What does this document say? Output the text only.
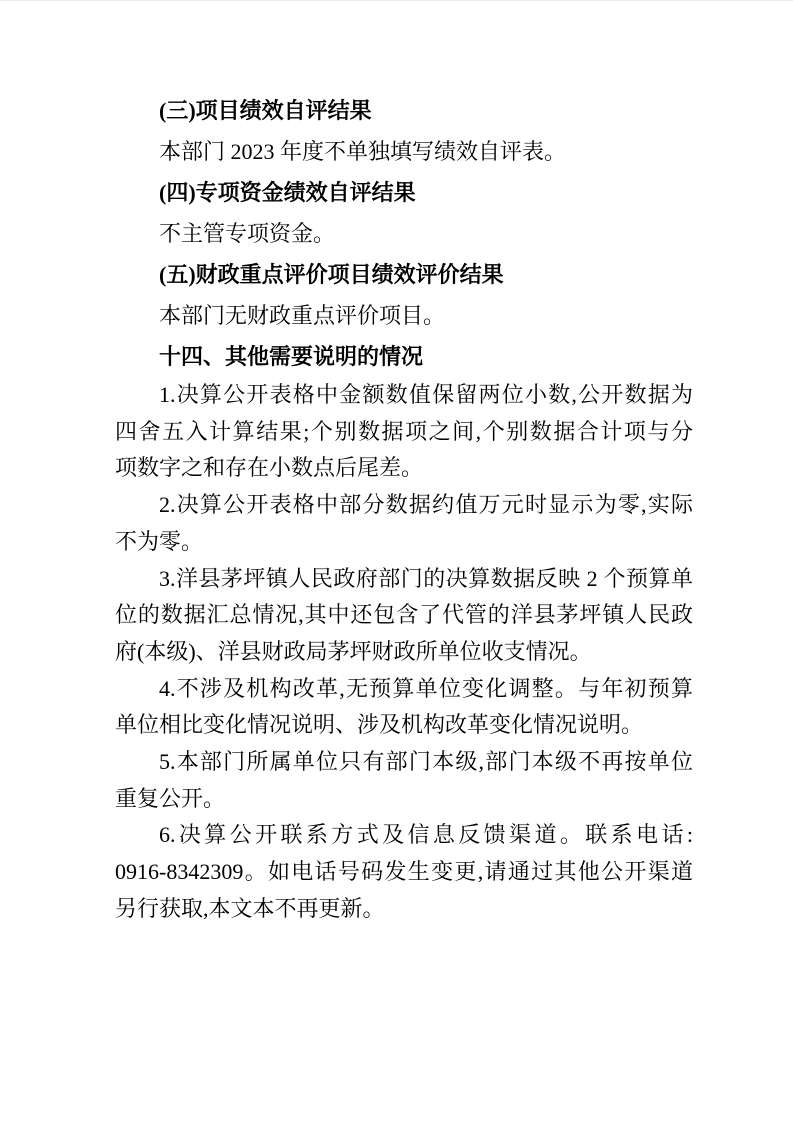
(三)项目绩效自评结果
本部门 2023 年度不单独填写绩效自评表。
(四)专项资金绩效自评结果
不主管专项资金。
(五)财政重点评价项目绩效评价结果
本部门无财政重点评价项目。
十四、其他需要说明的情况
1.决算公开表格中金额数值保留两位小数,公开数据为
四舍五入计算结果;个别数据项之间,个别数据合计项与分
项数字之和存在小数点后尾差。
2.决算公开表格中部分数据约值万元时显示为零,实际
不为零。
3.洋县茅坪镇人民政府部门的决算数据反映 2 个预算单
位的数据汇总情况,其中还包含了代管的洋县茅坪镇人民政
府(本级)、洋县财政局茅坪财政所单位收支情况。
4.不涉及机构改革,无预算单位变化调整。与年初预算
单位相比变化情况说明、涉及机构改革变化情况说明。
5.本部门所属单位只有部门本级,部门本级不再按单位
重复公开。
6.决算公开联系方式及信息反馈渠道。联系电话:
0916-8342309。如电话号码发生变更,请通过其他公开渠道
另行获取,本文本不再更新。
